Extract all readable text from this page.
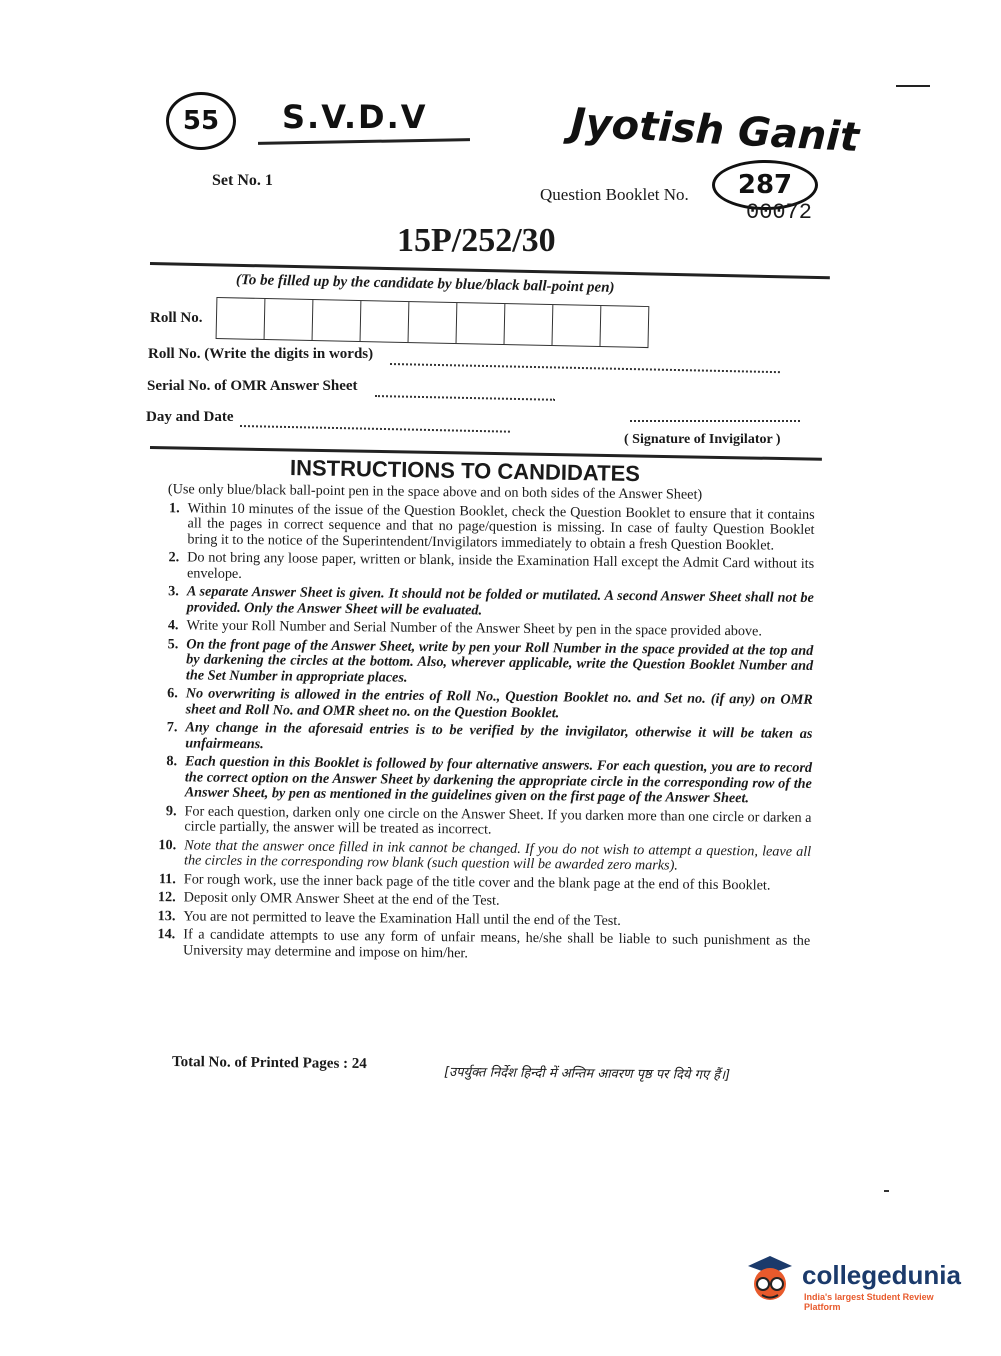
55 S.V.D.V	Jyotish Ganit
Set No. 1
Question Booklet No. 287
00072
15P/252/30
(To be filled up by the candidate by blue/black ball-point pen)
Roll No.
Roll No. (Write the digits in words)
Serial No. of OMR Answer Sheet
Day and Date
( Signature of Invigilator )
INSTRUCTIONS TO CANDIDATES
(Use only blue/black ball-point pen in the space above and on both sides of the Answer Sheet)
1. Within 10 minutes of the issue of the Question Booklet, check the Question Booklet to ensure that it contains all the pages in correct sequence and that no page/question is missing. In case of faulty Question Booklet bring it to the notice of the Superintendent/Invigilators immediately to obtain a fresh Question Booklet.
2. Do not bring any loose paper, written or blank, inside the Examination Hall except the Admit Card without its envelope.
3. A separate Answer Sheet is given. It should not be folded or mutilated. A second Answer Sheet shall not be provided. Only the Answer Sheet will be evaluated.
4. Write your Roll Number and Serial Number of the Answer Sheet by pen in the space provided above.
5. On the front page of the Answer Sheet, write by pen your Roll Number in the space provided at the top and by darkening the circles at the bottom. Also, wherever applicable, write the Question Booklet Number and the Set Number in appropriate places.
6. No overwriting is allowed in the entries of Roll No., Question Booklet no. and Set no. (if any) on OMR sheet and Roll No. and OMR sheet no. on the Question Booklet.
7. Any change in the aforesaid entries is to be verified by the invigilator, otherwise it will be taken as unfairmeans.
8. Each question in this Booklet is followed by four alternative answers. For each question, you are to record the correct option on the Answer Sheet by darkening the appropriate circle in the corresponding row of the Answer Sheet, by pen as mentioned in the guidelines given on the first page of the Answer Sheet.
9. For each question, darken only one circle on the Answer Sheet. If you darken more than one circle or darken a circle partially, the answer will be treated as incorrect.
10. Note that the answer once filled in ink cannot be changed. If you do not wish to attempt a question, leave all the circles in the corresponding row blank (such question will be awarded zero marks).
11. For rough work, use the inner back page of the title cover and the blank page at the end of this Booklet.
12. Deposit only OMR Answer Sheet at the end of the Test.
13. You are not permitted to leave the Examination Hall until the end of the Test.
14. If a candidate attempts to use any form of unfair means, he/she shall be liable to such punishment as the University may determine and impose on him/her.
Total No. of Printed Pages : 24
[उपर्युक्त निर्देश हिन्दी में अन्तिम आवरण पृष्ठ पर दिये गए हैं।]
collegedunia
India's largest Student Review Platform
